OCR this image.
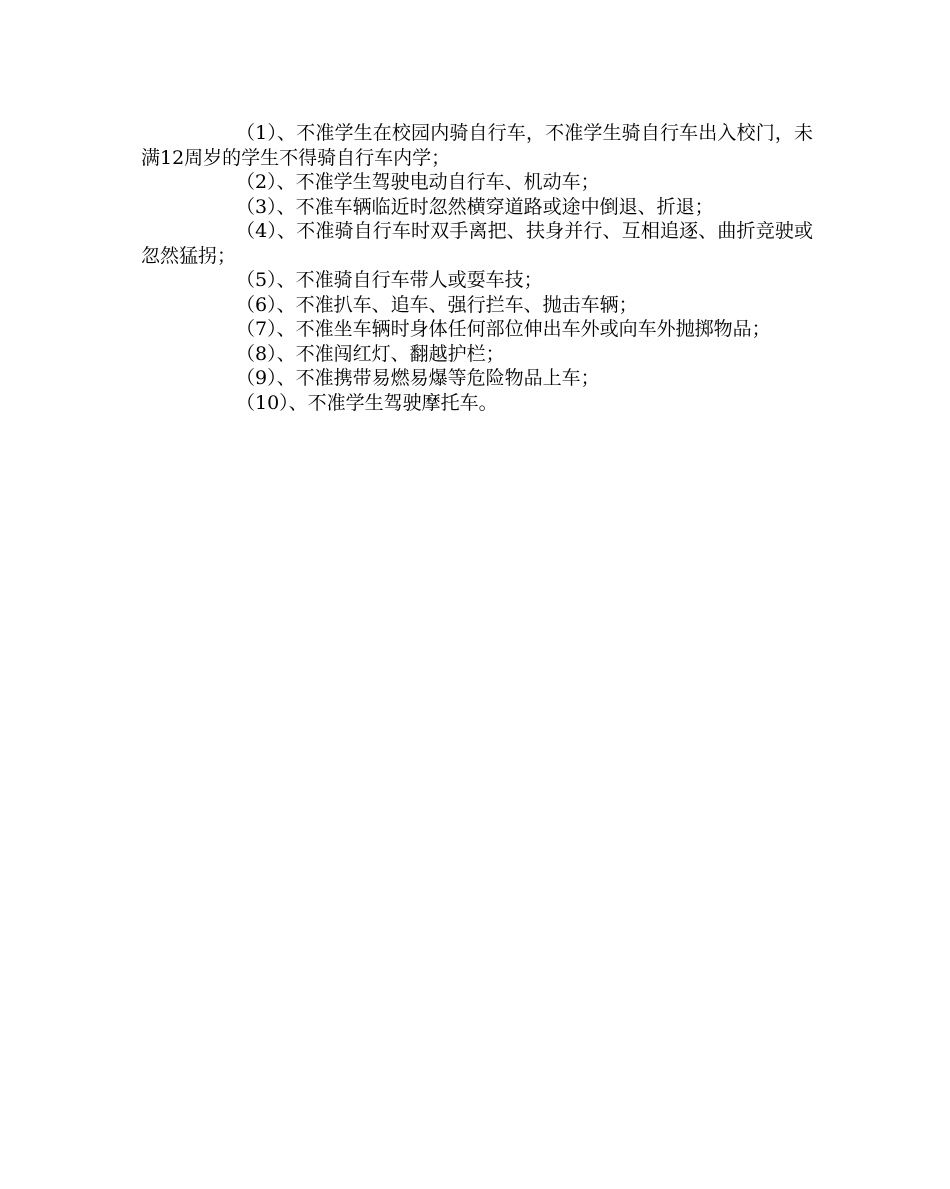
（1）、不准学生在校园内骑自行车，不准学生骑自行车出入校门，未满12周岁的学生不得骑自行车内学；
（2）、不准学生驾驶电动自行车、机动车；
（3）、不准车辆临近时忽然横穿道路或途中倒退、折退；
（4）、不准骑自行车时双手离把、扶身并行、互相追逐、曲折竞驶或忽然猛拐；
（5）、不准骑自行车带人或耍车技；
（6）、不准扒车、追车、强行拦车、抛击车辆；
（7）、不准坐车辆时身体任何部位伸出车外或向车外抛掷物品；
（8）、不准闯红灯、翻越护栏；
（9）、不准携带易燃易爆等危险物品上车；
（10）、不准学生驾驶摩托车。
